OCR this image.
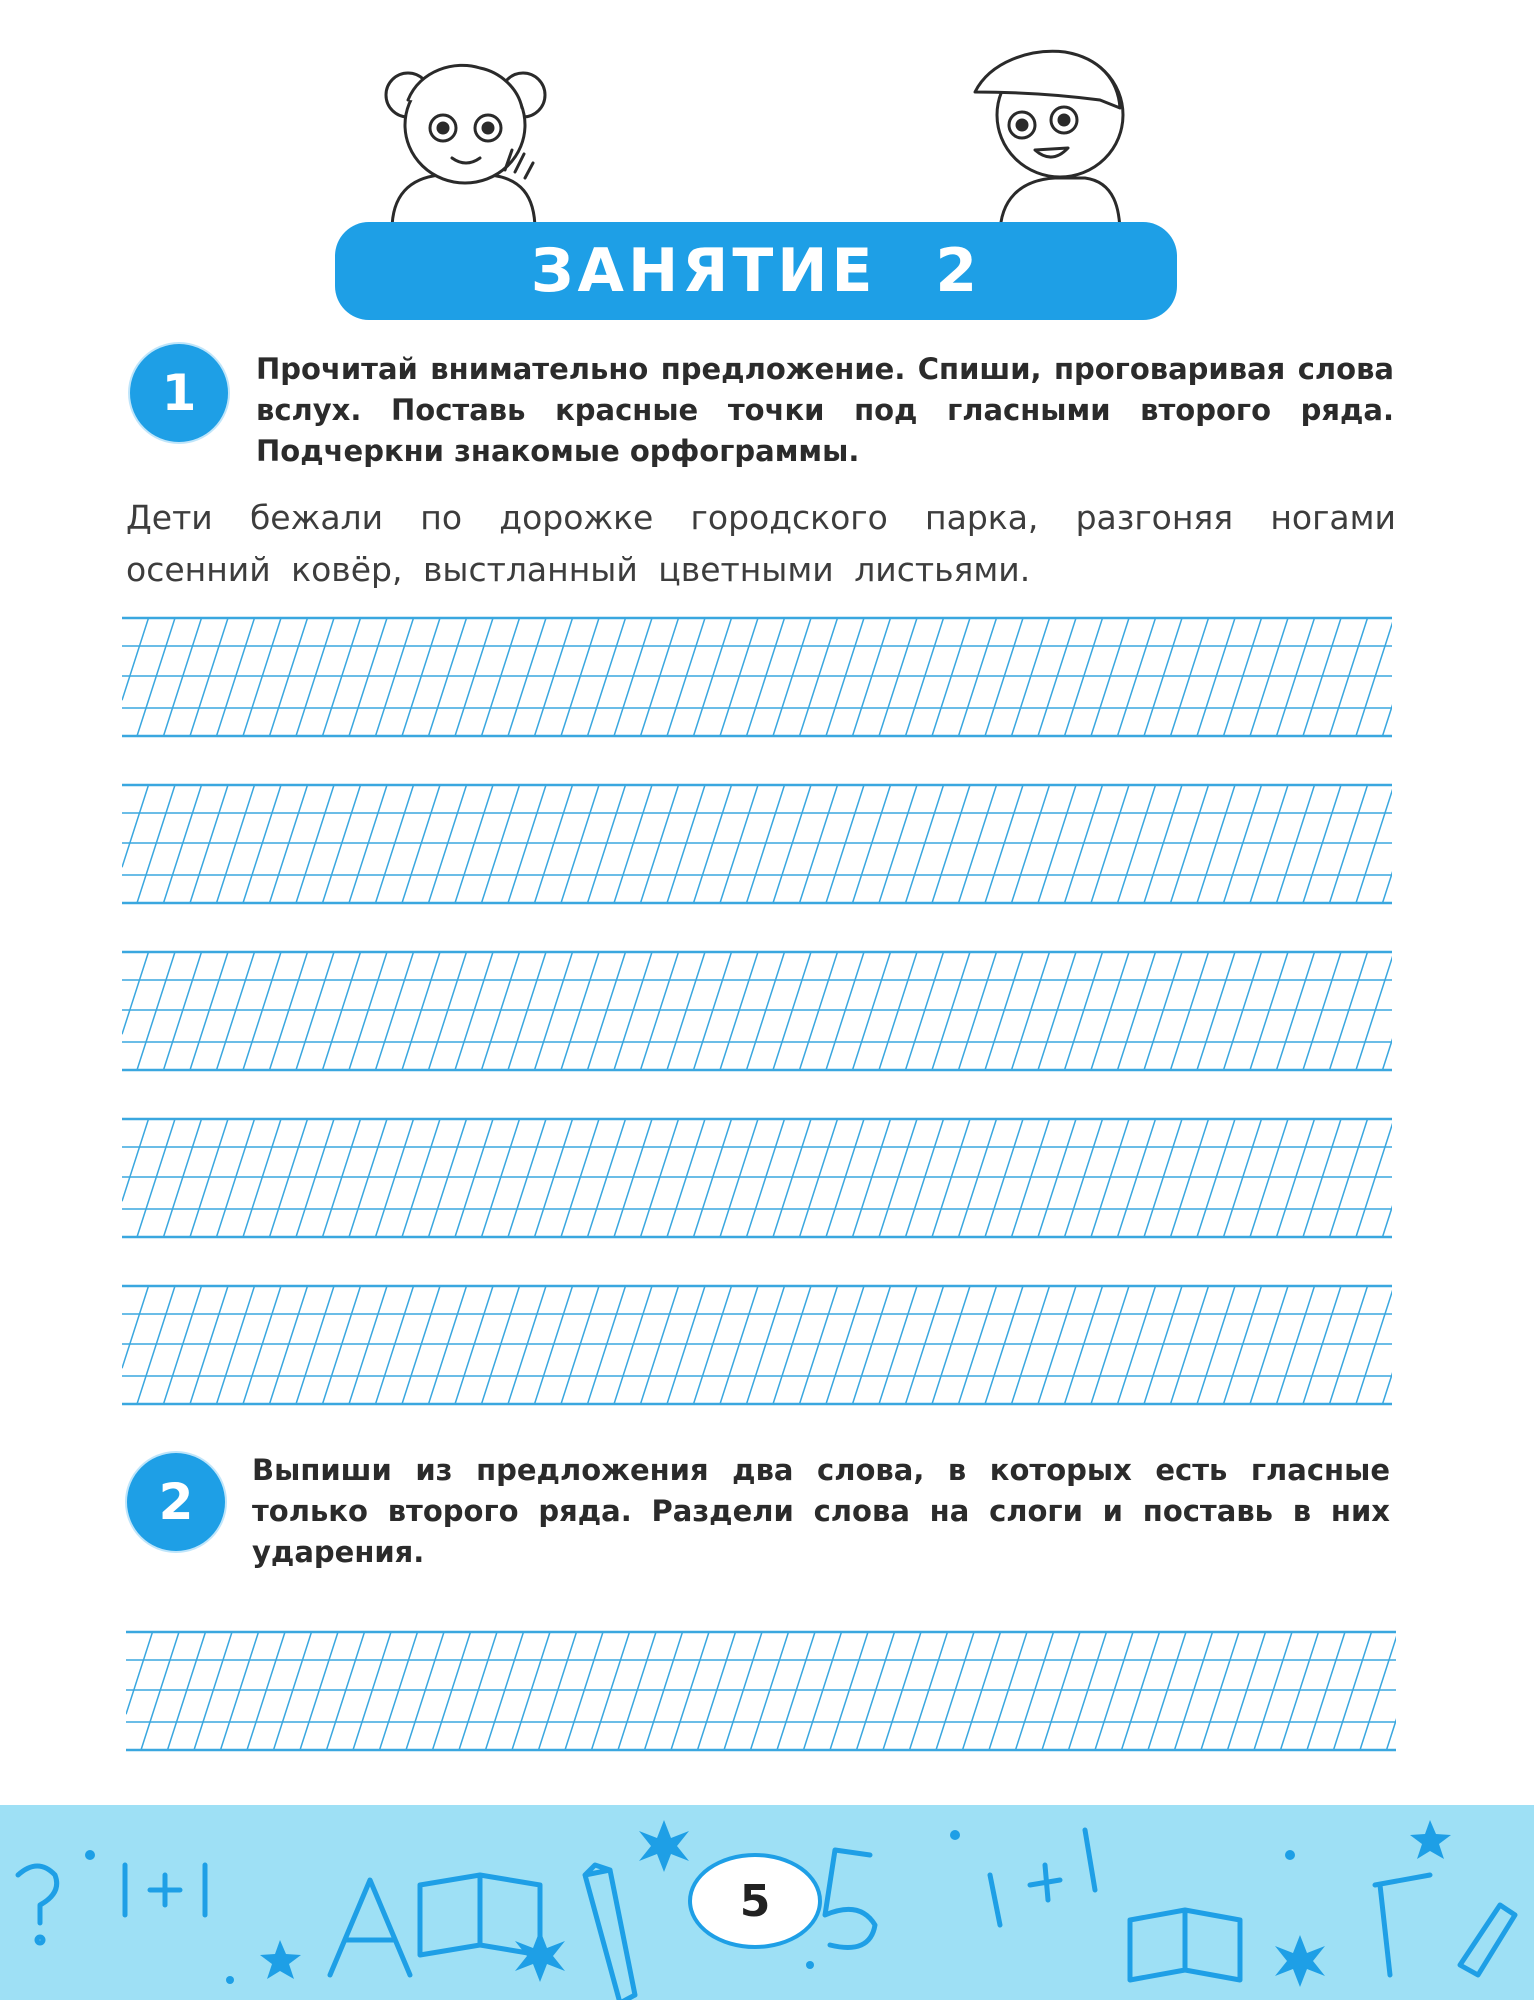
ЗАНЯТИЕ 2
1	Прочитай внимательно предложение. Спиши, проговаривая слова вслух. Поставь красные точки под гласными второго ряда. Подчеркни знакомые орфограммы.
Дети бежали по дорожке городского парка, разгоняя ногами осенний ковёр, выстланный цветными листьями.
2
Выпиши из предложения два слова, в которых есть гласные только второго ряда. Раздели слова на слоги и поставь в них ударения.
5
